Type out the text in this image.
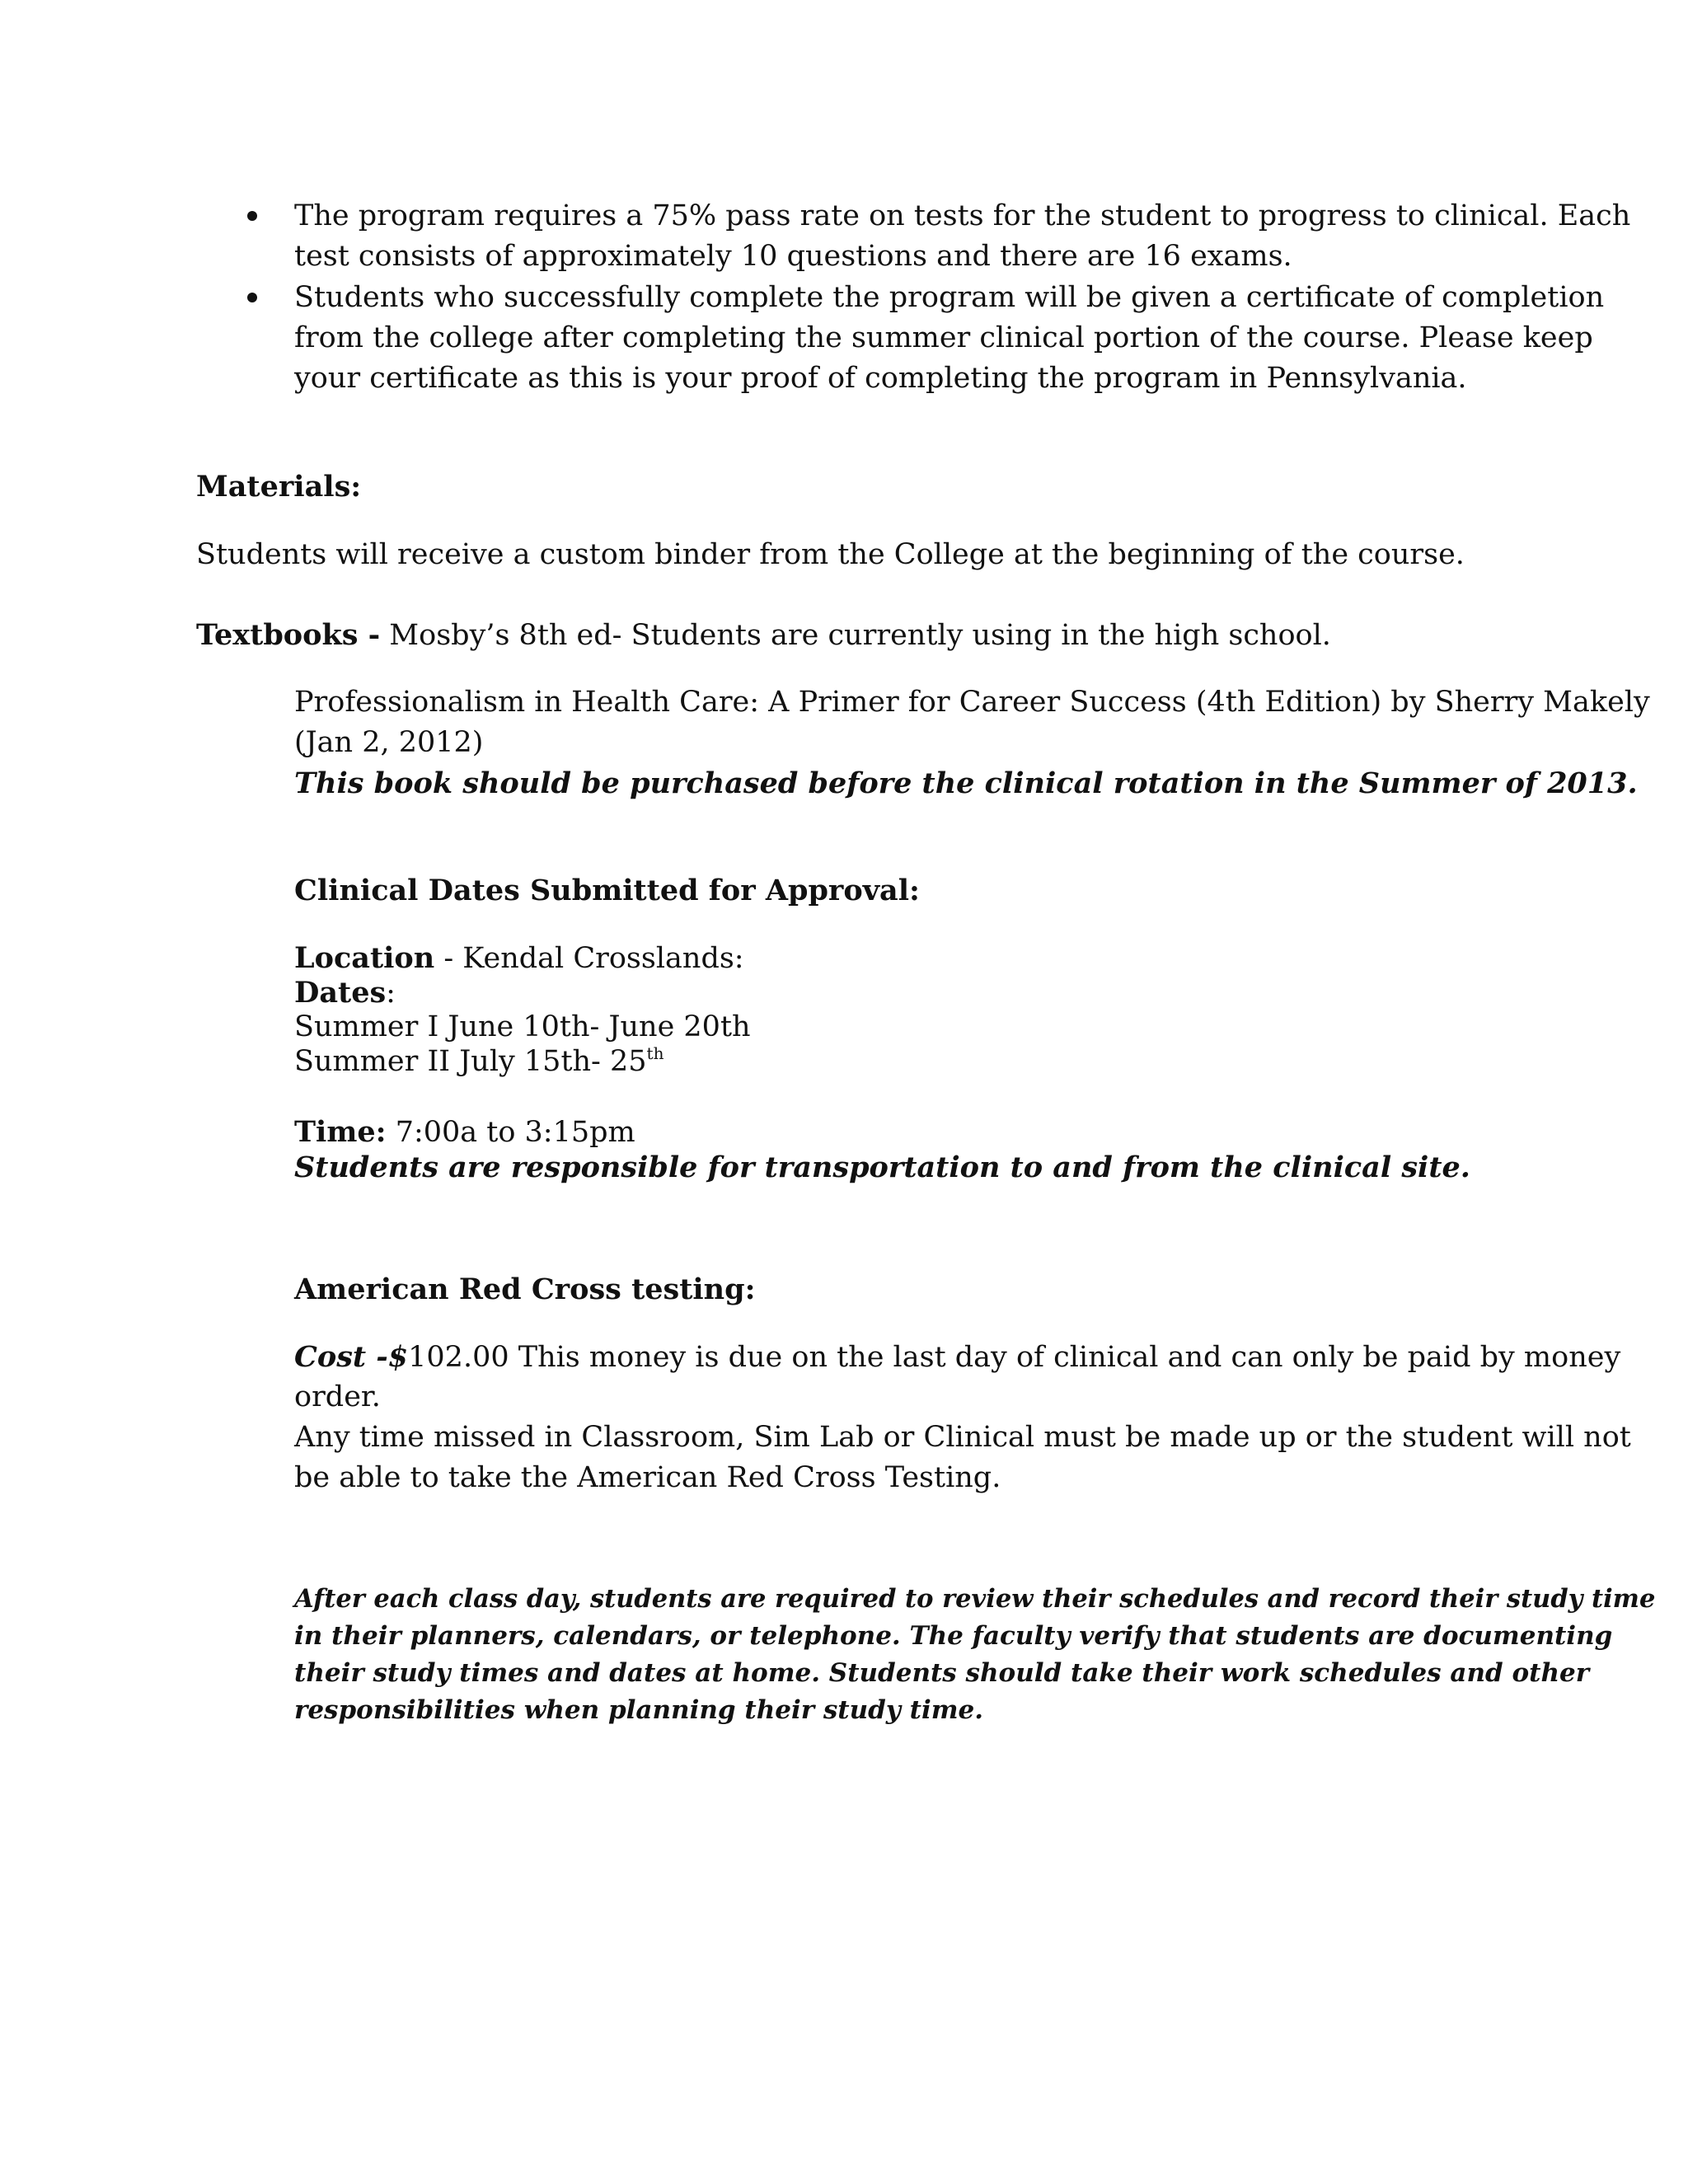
The program requires a 75% pass rate on tests for the student to progress to clinical. Each

test consists of approximately 10 questions and there are 16 exams.

Students who successfully complete the program will be given a certificate of completion

from the college after completing the summer clinical portion of the course. Please keep

your certificate as this is your proof of completing the program in Pennsylvania.

Materials:

Students will receive a custom binder from the College at the beginning of the course.

Textbooks - Mosby’s 8th ed- Students are currently using in the high school.

Professionalism in Health Care: A Primer for Career Success (4th Edition) by Sherry Makely

(Jan 2, 2012)

This book should be purchased before the clinical rotation in the Summer of 2013.

Clinical Dates Submitted for Approval:

Location - Kendal Crosslands:

Dates:

Summer I June 10th- June 20th

Summer II July 15th- 25th

Time: 7:00a to 3:15pm

Students are responsible for transportation to and from the clinical site.

American Red Cross testing:

Cost -$102.00 This money is due on the last day of clinical and can only be paid by money

order.

Any time missed in Classroom, Sim Lab or Clinical must be made up or the student will not

be able to take the American Red Cross Testing.

After each class day, students are required to review their schedules and record their study time

in their planners, calendars, or telephone. The faculty verify that students are documenting

their study times and dates at home. Students should take their work schedules and other

responsibilities when planning their study time.
